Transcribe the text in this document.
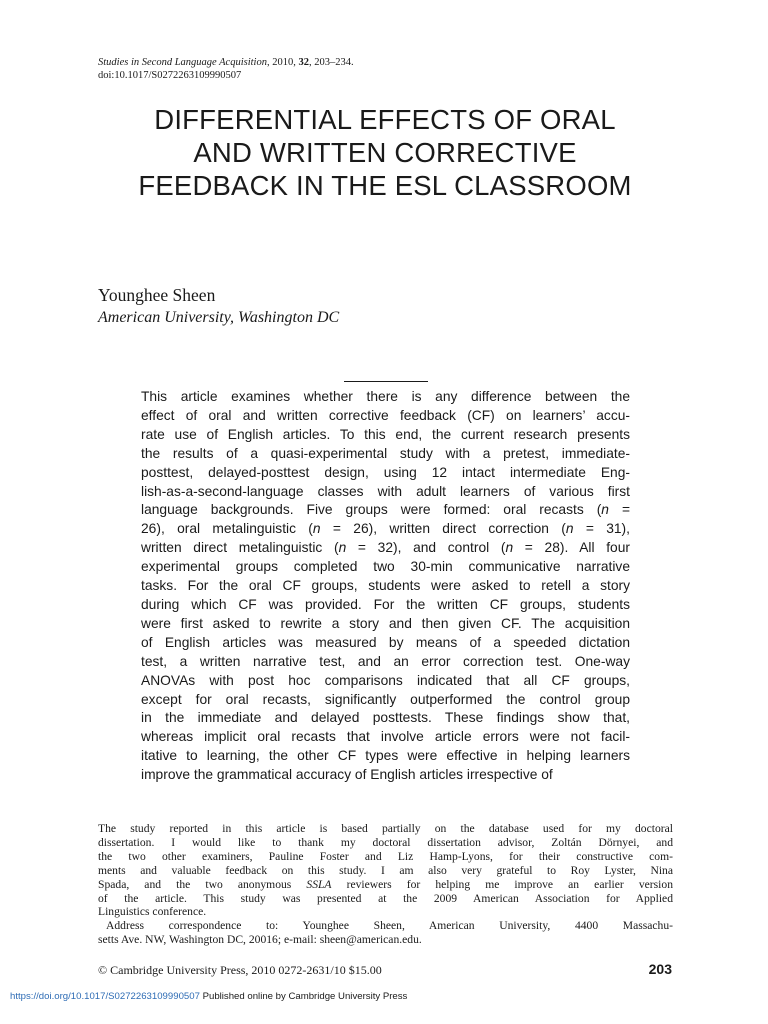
Studies in Second Language Acquisition, 2010, 32, 203–234.
doi:10.1017/S0272263109990507
DIFFERENTIAL EFFECTS OF ORAL
AND WRITTEN CORRECTIVE
FEEDBACK IN THE ESL CLASSROOM
Younghee Sheen
American University, Washington DC
This article examines whether there is any difference between the
effect of oral and written corrective feedback (CF) on learners’ accu-
rate use of English articles. To this end, the current research presents
the results of a quasi-experimental study with a pretest, immediate-
posttest, delayed-posttest design, using 12 intact intermediate Eng-
lish-as-a-second-language classes with adult learners of various first
language backgrounds. Five groups were formed: oral recasts (n =
26), oral metalinguistic (n = 26), written direct correction (n = 31),
written direct metalinguistic (n = 32), and control (n = 28). All four
experimental groups completed two 30-min communicative narrative
tasks. For the oral CF groups, students were asked to retell a story
during which CF was provided. For the written CF groups, students
were first asked to rewrite a story and then given CF. The acquisition
of English articles was measured by means of a speeded dictation
test, a written narrative test, and an error correction test. One-way
ANOVAs with post hoc comparisons indicated that all CF groups,
except for oral recasts, significantly outperformed the control group
in the immediate and delayed posttests. These findings show that,
whereas implicit oral recasts that involve article errors were not facil-
itative to learning, the other CF types were effective in helping learners
improve the grammatical accuracy of English articles irrespective of
The study reported in this article is based partially on the database used for my doctoral
dissertation. I would like to thank my doctoral dissertation advisor, Zoltán Dörnyei, and
the two other examiners, Pauline Foster and Liz Hamp-Lyons, for their constructive com-
ments and valuable feedback on this study. I am also very grateful to Roy Lyster, Nina
Spada, and the two anonymous SSLA reviewers for helping me improve an earlier version
of the article. This study was presented at the 2009 American Association for Applied
Linguistics conference.
Address correspondence to: Younghee Sheen, American University, 4400 Massachu-
setts Ave. NW, Washington DC, 20016; e-mail: sheen@american.edu.
© Cambridge University Press, 2010 0272-2631/10 $15.00	203
https://doi.org/10.1017/S0272263109990507 Published online by Cambridge University Press
